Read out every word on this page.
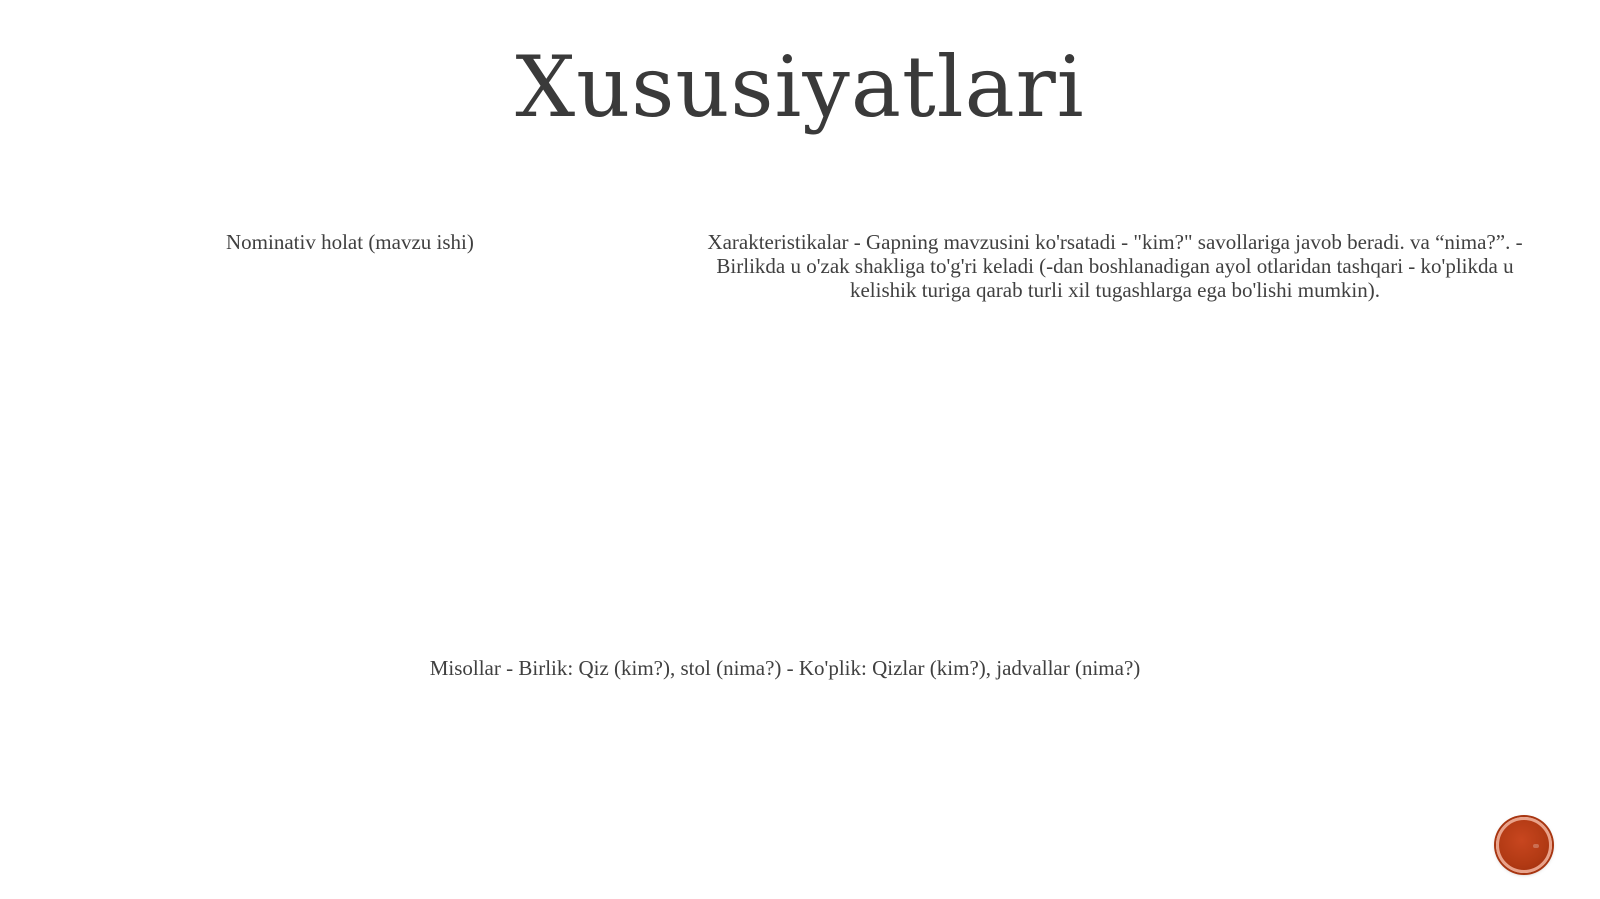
Xususiyatlari
Nominativ holat (mavzu ishi)	Xarakteristikalar - Gapning mavzusini ko'rsatadi - "kim?" savollariga javob beradi. va “nima?”. - Birlikda u o'zak shakliga to'g'ri keladi (-dan boshlanadigan ayol otlaridan tashqari - ko'plikda u kelishik turiga qarab turli xil tugashlarga ega bo'lishi mumkin).
Misollar - Birlik: Qiz (kim?), stol (nima?) - Ko'plik: Qizlar (kim?), jadvallar (nima?)
